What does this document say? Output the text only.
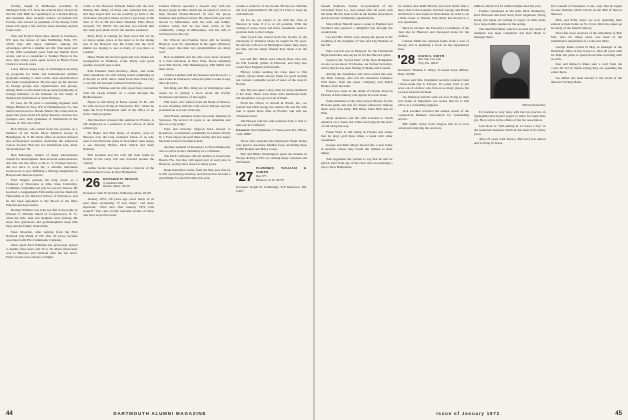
faculty, taught at McBurney Academy in Michigan Falls, VT. Now the schools have closed, he and his wife Ruth are operating it as a branch library and museum. Also recently retired, accountant Pat Fowler, who served as president of the Rotary Club where Pat spent a life and has been donating ancient forest tools.

Stan and Evelyn Moss have retired to Kenmore, NY, near the shores of lake McMullan Falls, VT, which they still enjoy summers. Among the advantages will be a smaller tax bill. Stan spent part of the 1965 retirement years from the Merrill Stern works, and as a consultant to Stanley Pierce in the area, after many years spent served as Burnt Town Clerk for several years.

Larry Moran keeps busy in Washington drawing up programs for ballet and international exhibits programs relating to rural credit, rural electrification and farm reorganization. He has kept up his interest in foreign groups and organizations and groups, among them a Latin American-sponsored gathering of foreign ministers at the Institute for the Study of Democratic Institutions at Santa Barbara.

Ev Leet, for 36 years a consulting engineer with Singer-Hilliard in Troy, NY, at Williamstown, Vt., has retired and moved to Rhode Island. He writes that he spent four years in the US Army Reserve, and has two younger sons, both graduates of Dartmouth in the Classes of 1951 and 1954.

Bob Warren, who retired from law practice as a member of the North Shore Medical Group in Huntington, N. Y. He holds office in several national and professional societies, including the American Cancer Society. Bob has two Dartmouth sons, Peter '56 and Robert '56.

Bob Macauley, winner of many international awards for development, farm and real estate interests and who ran the office at the U. S. Foreign Service, did not have to look far; a suitable retirement location: he is now fulfilling a lifelong assignment in Hawaii and there he reports.

Fred Wagner pursues his long career as a Professor of Education at Ohio State University, Columbus. Sometime last year he was two honors. He received a Guggenheim Fellowship and the Danforth Fellowship at the Harvard School of Education, and he has been appointed to the Board of the Ohio Educational Association.

Herbert Whittier was born last fall at the home of Edward S. Whittier Mead of Cooperstown, N. Y., when his wife, Ann and daughter were visiting. He notes that grandsons and granddaughters keep him busy and his family visited him.

Peter Mouchet, after retiring from the First National City Bank of NY after 40 years, became associated with Ely-Cruikshank Company.

Once again Fred Whelden has graciously agreed to handle class news and 25 to 50 others made their way to Hanover and Vermont after the last news. Fred's stories were always a delight.

rooms at the Howard Johnson Motel and the new Holiday Inn. Many of those who attended this year said they expect that we can possibly go back to the old houses, the place where we met a good part of the class of '25 in '69 and there Whelden Ellis, Bruce Norwich, VT, 05055. We ask that you inform him also what your plans are for the reunion weekend.

Mary Hoyt is waiting for final word that we do not move again, place at the hotel or in the dining area of the Hanover Inn. He writes that the local alumni are hoping to see as many of you there as possible.

Harry White has moved again and now makes his headquarters in Danbury, Conn. Harry says good weather and golf year-round.

Paul Puzman, West Roxbury, Mass., and some other classmates are still writing letters reminding us of the trip in 1970. Alice called from New York City to say that she had just returned from Europe.

Gardner Holmes and his wife report they returned from the Greek Islands on a cruise through the Mediterranean.

Hayes is still living in Eaton Center, N. H., and his wife are now living in Vancouver, B.C. where he helps the Ford Foundation staff of the office of an Arctic study program.

Jim Dearborn traveled this summer in Florida, is still employed as a professor at the school of naval technology.

Ed Baker and Bob Dean, of Pueblo, were in Hanover over the long weekend. Those of us who went to the Princeton game in November were happy to see Dorothy Hobbs, Dick Welch and Dom Shattuck.

Bob Giddens and his wife left their home in Florida in the early fall and traveled around the country.

Arthur Jacobs has been named a director of the American Red Cross, in New Hampshire.

'26 RICHARD W. BENSON
9 Gardiners Rd.
Boston, Mass. 02116

Treasurer: John W. Roberts, Wellesley, Mass. 02181

January 1972—26 years ago—how many of us were there wondering "if and when," and more important, "what next after January 1972 rolls around?" The class would welcome stories of those who have stayed in touch.

Charles Pierson reported a 34-year stay with the Rotary group in Ohio which put an expert to work to help Ronald Pecker-Howard fit into the group business and political circles. He retired this year and moved to Milwaukee with his wife and family. Charles writes that he has been active in the community college in Milwaukee, and his wife is well known in the city.

Dr. Wolcott and Pauline Sayre will be leaving Hanover soon for retirement in the upper Midwest. They report that their two grandchildren are doing well.

Bob Goldsmith and his wife were hosts recently at a class luncheon in New York. Those attending were Bill Norris, Tim Hemmingway, Phil Miller and their wives.

Charles Lehman sold his business and moved to a new home in Princeton, where he plans to take it easy after 40 years.

Jim Ring and Mrs. Ring are in Washington state where he is writing a book about the Pacific Northwest and history of the region.

Phil Kent, who retired from the Bank of Boston, is now traveling with his wife across Europe and has promised an account of the trip.

Paul Frank continues in the real estate business in Syracuse. He served 14 years as an alderman and later as a city judge.

Fred and Dorothy Osgood have moved to Rossmoor, a retirement community in Leisure World, N. J. Fred enjoys the golf links nearby and also keeps his hand in the local bank boards.

Another resident of Rossmoor is Fred Drinkwater who is active in the community as a volunteer.

The Dick Calhouns' official address is Clearwater Beach, Fla., but they still spend part of each year in Hanover, as they have done for many years.

Hank Kurtzman writes from the Bay area that he is still a practicing attorney, and that he has become a grandfather for the third time this year.

became a collector of rare books. He has two children and four grandchildren. He says it's hard to keep up with them all.

As for us, we expect to be with the class at Hanover in June if it is at all possible. With the passing of years, more and more classmates seem to gravitate back to the College.

John Lynch has retired from the faculty of the University of Vermont where he taught for 30 years. He and his wife live in Burlington where they enjoy the lake and the many friends they made over the years.

Les and Bev Talbot were among those who saw the Fall football games in Hanover, and they also toured New England with friends.

Harvey writes sending his class dues to Tim Collins, whose letters always make for good reading and contain a splendid record of news of the class in Florida.

The fall was quite a busy time for many members of the class. There were three class luncheons held, and attendance was good at all of them.

From the offices of Arnold & Worth, Inc., we learned that Dick Gregg has retired. He and his wife plan to spend more time in Florida, and will see classmates there.

Jim Hooper and his wife returned from a visit to their son in California.

Treasurer: Paul Venneman, 17 Stone Acres Rd., Wilton, Conn. 06897

Those who attended the Dartmouth Night dinner were glad to see many familiar faces, including those of Bill Robins and Harry Carey.

Phil and Billie Worthington spent ten months in Europe driving a VW car, visiting many countries and old friends.

'27
ELSBERRY, WILLIAM R. NORTH
Box 375
Hanover, N. H. 03755

Treasurer: Ralph B. Cummings, 318 Delaware, Md. 21201

44	DARTMOUTH ALUMNI MAGAZINE

Sessell Ashburn, former vice-president of the Cleveland Trust Co., has retired after 40 years with the bank. He has been active in the alumni association and in several community organizations.

Since Mary Sherrill spent a week in England and Scotland and reported a delightful trip through the countryside.

Les and Bev Talbot were among the guests at the wedding of the daughter of Wes and Peg Haskins in the fall.

Stew Carvell was in Hanover for the Dartmouth Night festivities and stayed on for the Harvard game.

Sound is the "Lyons Den" of the New Hampshire woods, as we know. Ed Rooke, our former Secretary, writes that he has been fishing in Maine and Canada.

Among the classmates who have retired this year are Dick Cheney, who left the insurance business; Will Dana, from the paper company; and Ralph Barker, from the bank.

Word has come of the death of Charles Pond in Florida. A full obituary will appear in a later issue.

Some members of the class were in Boston for the Harvard game and met for dinner afterward. Among them were Jack Daly, Bill Riley, Dick Hall and Al Pratt.

Andy Andrews and his wife traveled to South America on a cruise last winter and enjoyed the ports of call along the way.

Frank Ward is still living in Florida and writes that he plays golf three times a week with other classmates.

George and Ruth Meyer moved into a new home in Arizona, where they found the climate to their liking.

Tom Ingraham has written to say that he will be glad to hear from any of the class who are planning a trip to New Hampshire.

the winner, that Ruth Murray was back home after a short visit to the hospital, and that George and Hattie Worth have a new home in Westchester. In order to be a little closer to friends, Stan Alder has moved to a new apartment.

Back in October the Executive Committee of the class met in Hanover and discussed plans for the reunion.

Charles Mills has returned home from a tour of Europe and is planning a book on his experiences there.

'28 DAVID S. SMITH
Van Gan Col. Ltd.
Troy, Pa. 16947

Treasurer: Thomas C. Mayo, 8 Laurel Lane, Milton, Mass. 02186

Steve and Mrs. Dragiland recently returned from a three-week trip to Europe. It's pretty hard to put news out of a fellow who lives in so many places, but we have heard from them.

Joe McKeon and his wife are now living in their new home in Maryland. Joe writes that he is still active as a consulting engineer.

Jack Gardner received the annual award of the Connecticut Bankers Association for outstanding service.

Bill Smith writes from Oregon that he is now retired and enjoying the outdoors.

million, which was $1 million higher than the year.

Former classmates at the mill, Dick Weatherby, Karl Maxwell and Karl Ross from Sagamore, Hong Kong and Japan are writing to report on their plans for a large family reunion in the spring.

The Deerfield Mall, which is located just north of Amherst, has been completed and Ken Dunn is manager there.

Elliott Donnelley

Ed Lerman is very busy with his law practice in Springfield and doesn't expect to retire for some time yet. He is active in the affairs of the bar association.

Jack Rose is "still putting in 12 hours a day" in the restaurant business which he has been in for many years.

After 25 years with Texaco, Bill Levy has retired and is living in Texas.

Tex Connell of Southport, Conn., says that he began his new birthday which will be on the 30th of June in Hanover.

Dick and Polly Sears are now spending their winters at their home on St. Croix. Dick has taken up the study of the island's history.

Word has been received of the retirement of Bob Fisk, who for many years was head of the mathematics department at a school in Ohio.

George Klein retired in May as manager of the Pittsburgh office of the Crane Co. after 40 years with the firm. He plans to spend more time traveling with his wife.

Ken and Rebecca Riker sent a card from the Costa del Sol in Spain saying they are spending the winter there.

Joe Miller has been elected to the board of the Hanover Savings Bank.

Issue of January 1972	45
